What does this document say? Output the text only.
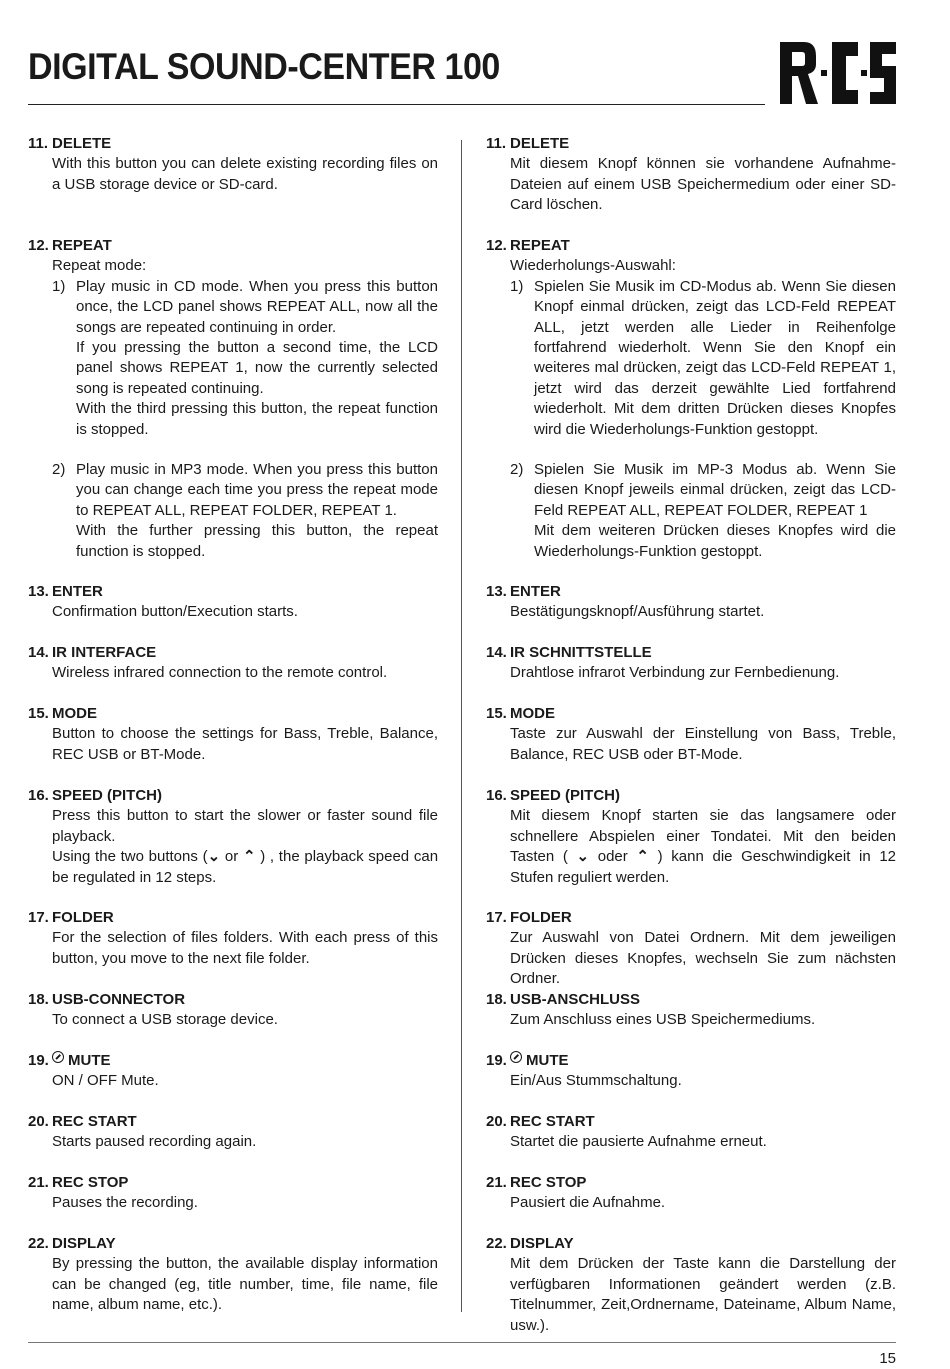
DIGITAL SOUND-CENTER 100
11. DELETE
With this button you can delete existing recording files on a USB storage device or SD-card.
12. REPEAT
Repeat mode:
1) Play music in CD mode. When you press this button once, the LCD panel shows REPEAT ALL, now all the songs are repeated continuing in order.

If you pressing the button a second time, the LCD panel shows REPEAT 1, now the currently selected song is repeated continuing.

With the third pressing this button, the repeat function is stopped.

2) Play music in MP3 mode. When you press this button you can change each time you press the repeat mode to REPEAT ALL, REPEAT FOLDER, REPEAT 1.

With the further pressing this button, the repeat function is stopped.

13. ENTER
Confirmation button/Execution starts.
14. IR INTERFACE
Wireless infrared connection to the remote control.
15. MODE
Button to choose the settings for Bass, Treble, Balance, REC USB or BT-Mode.
16. SPEED (PITCH)
Press this button to start the slower or faster sound file playback.
Using the two buttons (⌄ or ⌃ ) , the playback speed can be regulated in 12 steps.
17. FOLDER
For the selection of files folders. With each press of this button, you move to the next file folder.
18. USB-CONNECTOR
To connect a USB storage device.
19. MUTE
ON / OFF Mute.
20. REC START
Starts paused recording again.
21. REC STOP
Pauses the recording.
22. DISPLAY
By pressing the button, the available display information can be changed (eg, title number, time, file name, file name, album name, etc.).
11. DELETE
Mit diesem Knopf können sie vorhandene Aufnahme-Dateien auf einem USB Speichermedium oder einer SD-Card löschen.
12. REPEAT
Wiederholungs-Auswahl:
1) Spielen Sie Musik im CD-Modus ab. Wenn Sie diesen Knopf einmal drücken, zeigt das LCD-Feld REPEAT ALL, jetzt werden alle Lieder in Reihenfolge fortfahrend wiederholt. Wenn Sie den Knopf ein weiteres mal drücken, zeigt das LCD-Feld REPEAT 1, jetzt wird das derzeit gewählte Lied fortfahrend wiederholt. Mit dem dritten Drücken dieses Knopfes wird die Wiederholungs-Funktion gestoppt.

2) Spielen Sie Musik im MP-3 Modus ab. Wenn Sie diesen Knopf jeweils einmal drücken, zeigt das LCD-Feld REPEAT ALL, REPEAT FOLDER, REPEAT 1

Mit dem weiteren Drücken dieses Knopfes wird die Wiederholungs-Funktion gestoppt.

13. ENTER
Bestätigungsknopf/Ausführung startet.
14. IR SCHNITTSTELLE
Drahtlose infrarot Verbindung zur Fernbedienung.
15. MODE
Taste zur Auswahl der Einstellung von Bass, Treble, Balance, REC USB oder BT-Mode.
16. SPEED (PITCH)
Mit diesem Knopf starten sie das langsamere oder schnellere Abspielen einer Tondatei. Mit den beiden Tasten ( ⌄ oder ⌃ ) kann die Geschwindigkeit in 12 Stufen reguliert werden.
17. FOLDER
Zur Auswahl von Datei Ordnern. Mit dem jeweiligen Drücken dieses Knopfes, wechseln Sie zum nächsten Ordner.
18. USB-ANSCHLUSS
Zum Anschluss eines USB Speichermediums.
19. MUTE
Ein/Aus Stummschaltung.
20. REC START
Startet die pausierte Aufnahme erneut.
21. REC STOP
Pausiert die Aufnahme.
22. DISPLAY
Mit dem Drücken der Taste kann die Darstellung der verfügbaren Informationen geändert werden (z.B. Titelnummer, Zeit,Ordnername, Dateiname, Album Name, usw.).
15
